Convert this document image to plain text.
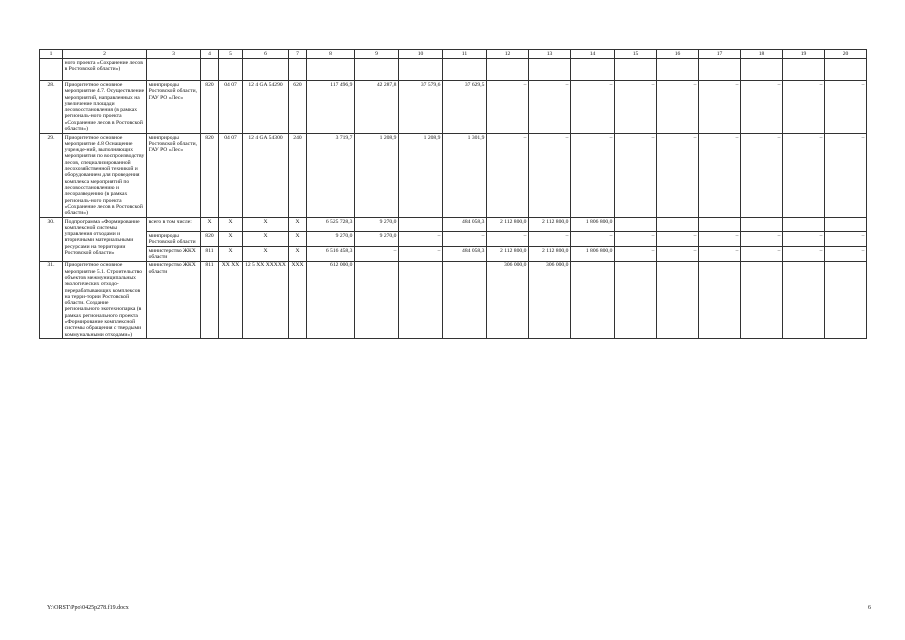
1	2	3	4	5	6	7	8	9	10	11	12	13	14	15	16	17	18	19	20
	ного проекта «Сохранение лесов в Ростовской области»)																		
28.	Приоритетное основное мероприятие 4.7. Осуществление мероприятий, направленных на увеличение площади лесовосстановления (в рамках региональ-ного проекта «Сохранение лесов в Ростовской области»)	минприроды Ростовской области, ГАУ РО «Лес»	820	04 07	12 4 GA 54290	620	117 496,9	42 287,8	37 579,6	37 629,5	–	–	–	–	–	–	–	–	–
29.	Приоритетное основное мероприятие 4.8 Оснащение учрежде-ний, выполняющих мероприятия по воспроизводству лесов, специализированной лесохозяйственной техникой и оборудованием для проведения комплекса мероприятий по лесовосстановлению и лесоразведению (в рамках региональ-ного проекта «Сохранение лесов в Ростовской области»)	минприроды Ростовской области, ГАУ РО «Лес»	820	04 07	12 4 GA 54300	240	3 719,7	1 208,9	1 208,9	1 301,9	–	–	–	–	–	–	–	–	–
30.	Подпрограмма «Формирование комплексной системы управления отходами и вторичными материальными ресурсами на территории Ростовской области»	всего в том числе:	X	X	X	X	6 525 728,3	9 270,0		484 058,3	2 112 800,0	2 112 800,0	1 806 800,0						
		минприроды Ростовской области	820	X	X	X	9 270,0	9 270,0	–	–	–	–	–	–	–	–	–	–	–
		министерство ЖКХ области	811	X	X	X	6 516 458,3	–	–	484 058,3	2 112 800,0	2 112 800,0	1 806 800,0	–	–	–	–	–	–
31.	Приоритетное основное мероприятие 5.1. Строительство объектов межмуниципальных экологических отходо-перерабатывающих комплексов на терри-тории Ростовской области. Создание регионального экотехнопарка (в рамках регионального проекта «Формирование комплексной системы обращения с твердыми коммунальными отходами»)	министерство ЖКХ области	811	XX XX	12 5 XX XXXXX	XXX	612 000,0				306 000,0	306 000,0							
Y:\ORST\Ppo\0425p278.f19.docx	6
